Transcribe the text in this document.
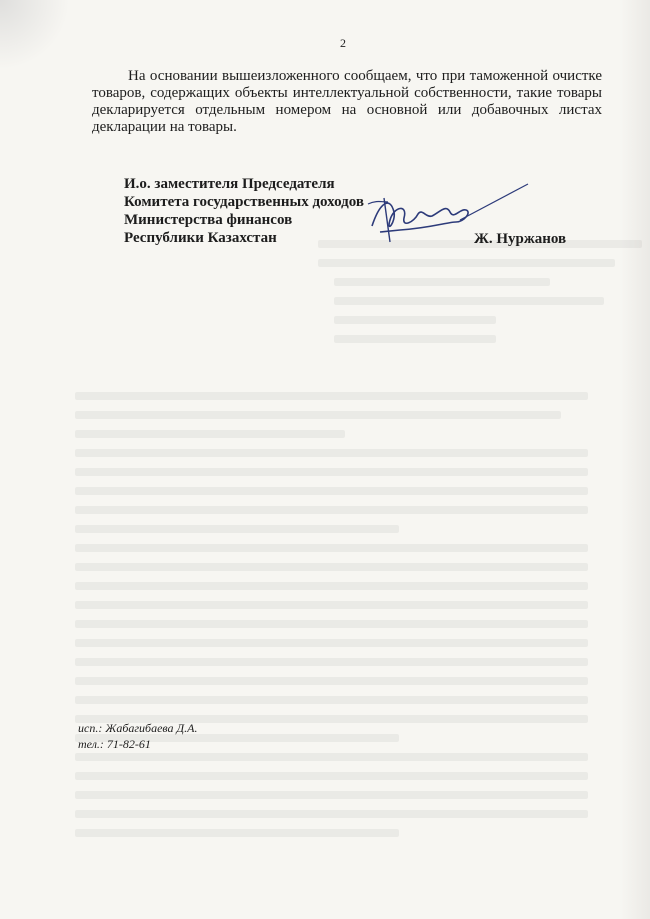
2
На основании вышеизложенного сообщаем, что при таможенной очистке товаров, содержащих объекты интеллектуальной собственности, такие товары декларируется отдельным номером на основной или добавочных листах декларации на товары.
И.о. заместителя Председателя
Комитета государственных доходов
Министерства финансов
Республики Казахстан	Ж. Нуржанов
исп.: Жабагибаева Д.А.
тел.: 71-82-61
